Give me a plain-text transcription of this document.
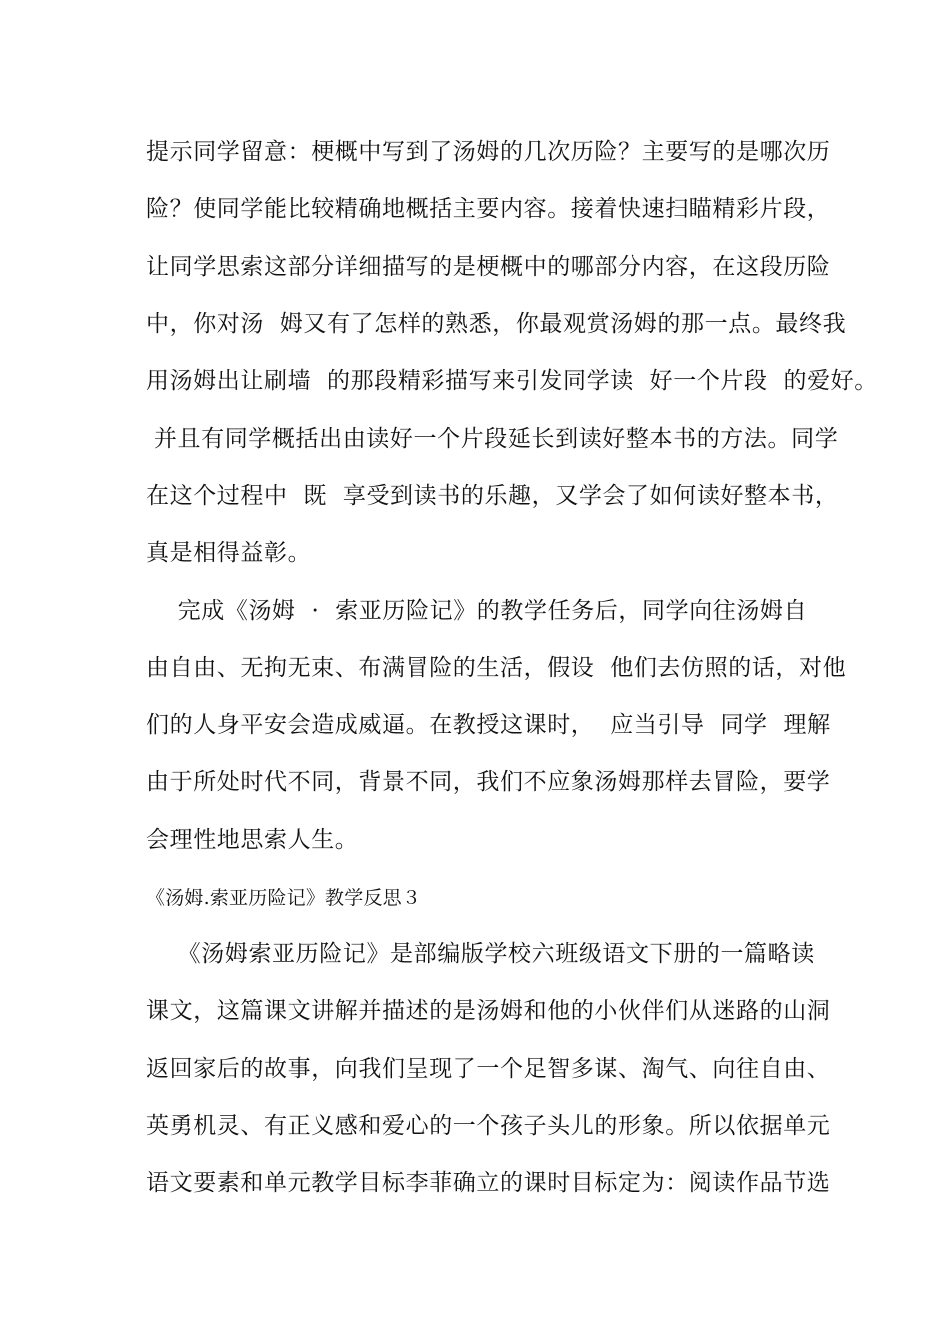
提示同学留意：梗概中写到了汤姆的几次历险？主要写的是哪次历
险？使同学能比较精确地概括主要内容。接着快速扫瞄精彩片段，
让同学思索这部分详细描写的是梗概中的哪部分内容，在这段历险
中，你对汤  姆又有了怎样的熟悉，你最观赏汤姆的那一点。最终我
用汤姆出让刷墙  的那段精彩描写来引发同学读  好一个片段  的爱好。
并且有同学概括出由读好一个片段延长到读好整本书的方法。同学
在这个过程中  既  享受到读书的乐趣，又学会了如何读好整本书，
真是相得益彰。
完成《汤姆  ·  索亚历险记》的教学任务后，同学向往汤姆自
由自由、无拘无束、布满冒险的生活，假设  他们去仿照的话，对他
们的人身平安会造成威逼。在教授这课时，  应当引导  同学  理解
由于所处时代不同，背景不同，我们不应象汤姆那样去冒险，要学
会理性地思索人生。
《汤姆.索亚历险记》教学反思３
《汤姆索亚历险记》是部编版学校六班级语文下册的一篇略读
课文，这篇课文讲解并描述的是汤姆和他的小伙伴们从迷路的山洞
返回家后的故事，向我们呈现了一个足智多谋、淘气、向往自由、
英勇机灵、有正义感和爱心的一个孩子头儿的形象。所以依据单元
语文要素和单元教学目标李菲确立的课时目标定为：阅读作品节选
